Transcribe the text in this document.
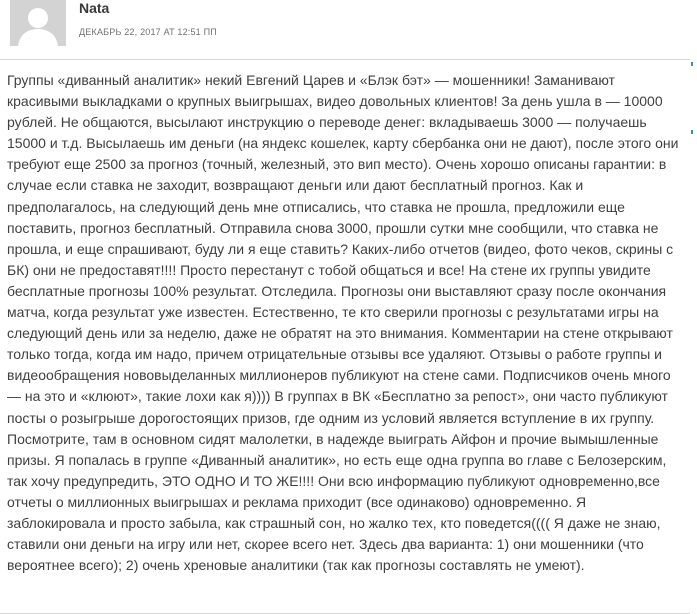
Nata
ДЕКАБРЬ 22, 2017 AT 12:51 ПП
Группы «диванный аналитик» некий Евгений Царев и «Блэк бэт» — мошенники! Заманивают красивыми выкладками о крупных выигрышах, видео довольных клиентов! За день ушла в — 10000 рублей. Не общаются, высылают инструкцию о переводе денег: вкладываешь 3000 — получаешь 15000 и т.д. Высылаешь им деньги (на яндекс кошелек, карту сбербанка они не дают), после этого они требуют еще 2500 за прогноз (точный, железный, это вип место). Очень хорошо описаны гарантии: в случае если ставка не заходит, возвращают деньги или дают бесплатный прогноз. Как и предполагалось, на следующий день мне отписались, что ставка не прошла, предложили еще поставить, прогноз бесплатный. Отправила снова 3000, прошли сутки мне сообщили, что ставка не прошла, и еще спрашивают, буду ли я еще ставить? Каких-либо отчетов (видео, фото чеков, скрины с БК) они не предоставят!!!! Просто перестанут с тобой общаться и все! На стене их группы увидите бесплатные прогнозы 100% результат. Отследила. Прогнозы они выставляют сразу после окончания матча, когда результат уже известен. Естественно, те кто сверили прогнозы с результатами игры на следующий день или за неделю, даже не обратят на это внимания. Комментарии на стене открывают только тогда, когда им надо, причем отрицательные отзывы все удаляют. Отзывы о работе группы и видеообращения нововыделанных миллионеров публикуют на стене сами. Подписчиков очень много — на это и «клюют», такие лохи как я)))) В группах в ВК «Бесплатно за репост», они часто публикуют посты о розыгрыше дорогостоящих призов, где одним из условий является вступление в их группу. Посмотрите, там в основном сидят малолетки, в надежде выиграть Айфон и прочие вымышленные призы. Я попалась в группе «Диванный аналитик», но есть еще одна группа во главе с Белозерским, так хочу предупредить, ЭТО ОДНО И ТО ЖЕ!!!! Они всю информацию публикуют одновременно,все отчеты о миллионных выигрышах и реклама приходит (все одинаково) одновременно. Я заблокировала и просто забыла, как страшный сон, но жалко тех, кто поведется(((( Я даже не знаю, ставили они деньги на игру или нет, скорее всего нет. Здесь два варианта: 1) они мошенники (что вероятнее всего); 2) очень хреновые аналитики (так как прогнозы составлять не умеют).
